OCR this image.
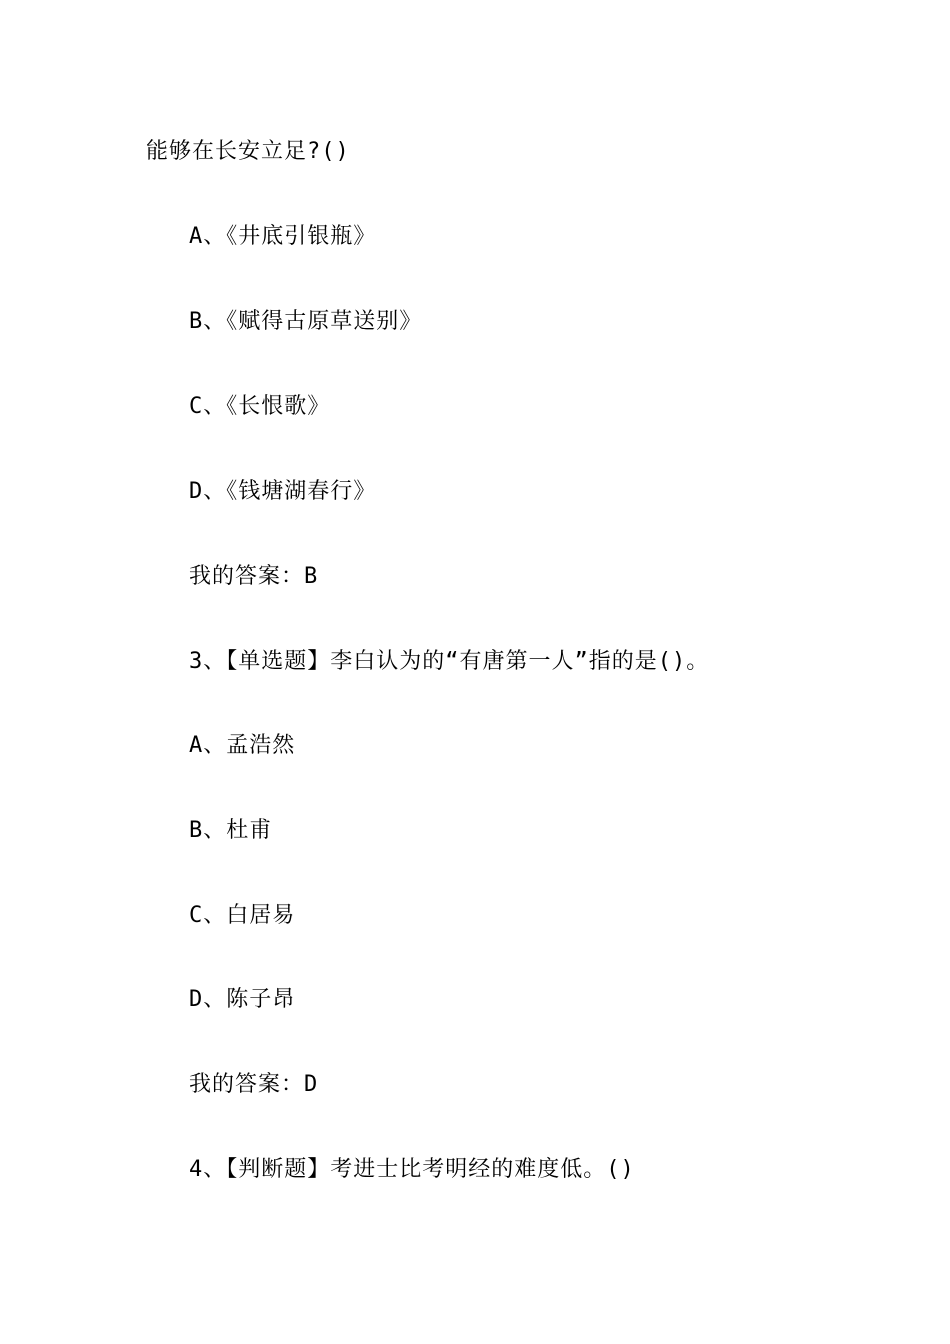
能够在长安立足?()
A、《井底引银瓶》
B、《赋得古原草送别》
C、《长恨歌》
D、《钱塘湖春行》
我的答案：B
3、【单选题】李白认为的“有唐第一人”指的是()。
A、孟浩然
B、杜甫
C、白居易
D、陈子昂
我的答案：D
4、【判断题】考进士比考明经的难度低。()
